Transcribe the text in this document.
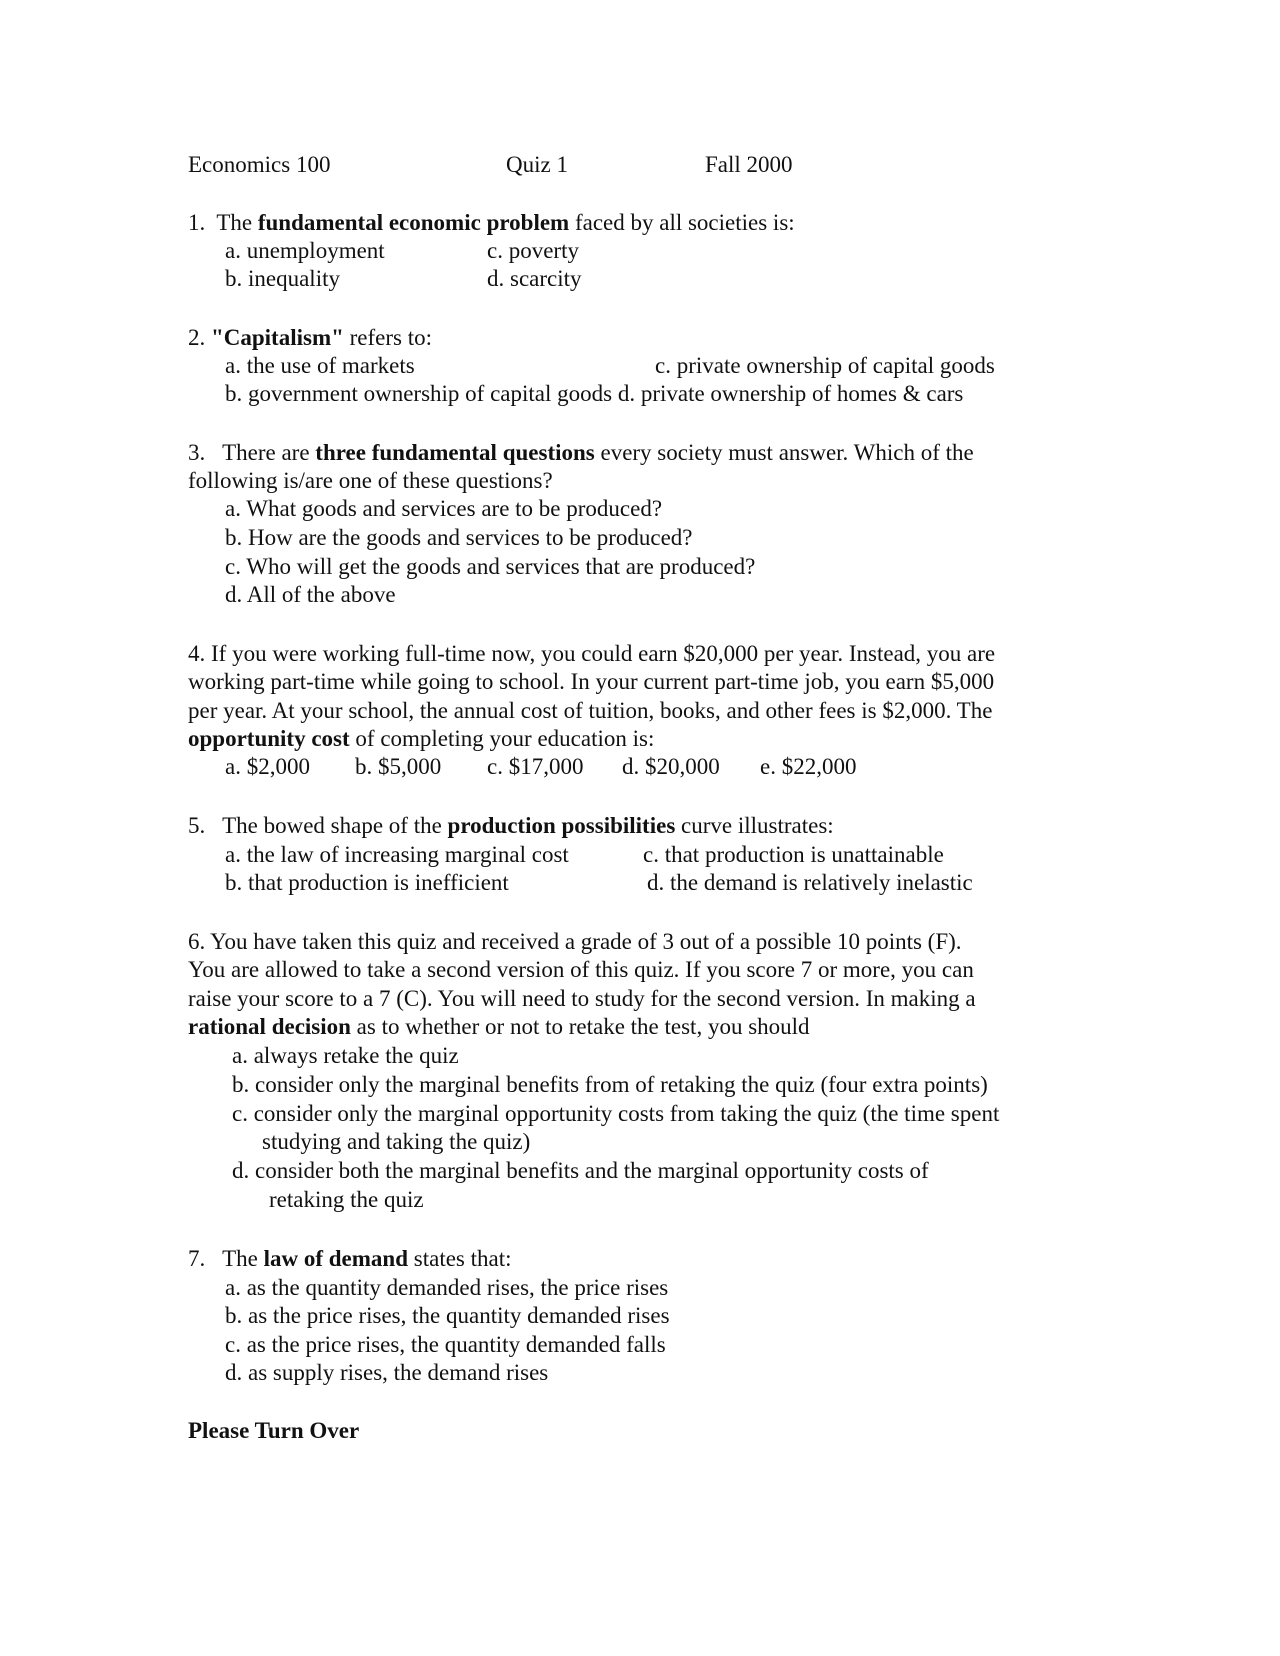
Economics 100	Quiz 1	Fall 2000
1. The fundamental economic problem faced by all societies is:
a. unemployment	c. poverty
b. inequality	d. scarcity
2. "Capitalism" refers to:
a. the use of markets	c. private ownership of capital goods
b. government ownership of capital goods d. private ownership of homes & cars
3. There are three fundamental questions every society must answer. Which of the
following is/are one of these questions?
a. What goods and services are to be produced?
b. How are the goods and services to be produced?
c. Who will get the goods and services that are produced?
d. All of the above
4. If you were working full-time now, you could earn $20,000 per year. Instead, you are
working part-time while going to school. In your current part-time job, you earn $5,000
per year. At your school, the annual cost of tuition, books, and other fees is $2,000. The
opportunity cost of completing your education is:
a. $2,000 b. $5,000 c. $17,000 d. $20,000 e. $22,000
5. The bowed shape of the production possibilities curve illustrates:
a. the law of increasing marginal cost	c. that production is unattainable
b. that production is inefficient	d. the demand is relatively inelastic
6. You have taken this quiz and received a grade of 3 out of a possible 10 points (F).
You are allowed to take a second version of this quiz. If you score 7 or more, you can
raise your score to a 7 (C). You will need to study for the second version. In making a
rational decision as to whether or not to retake the test, you should
a. always retake the quiz
b. consider only the marginal benefits from of retaking the quiz (four extra points)
c. consider only the marginal opportunity costs from taking the quiz (the time spent
studying and taking the quiz)
d. consider both the marginal benefits and the marginal opportunity costs of
retaking the quiz
7. The law of demand states that:
a. as the quantity demanded rises, the price rises
b. as the price rises, the quantity demanded rises
c. as the price rises, the quantity demanded falls
d. as supply rises, the demand rises
Please Turn Over
